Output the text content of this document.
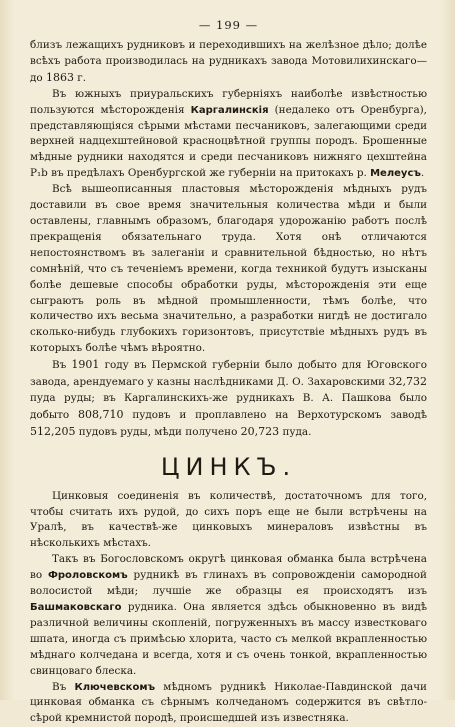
— 199 —

близъ лежащихъ рудниковъ и переходившихъ на желѣзное дѣло; долѣе всѣхъ работа производилась на рудникахъ завода Мотовилихинскаго—до 1863 г.

Въ южныхъ приуральскихъ губерніяхъ наиболѣе извѣстностью пользуются мѣсторожденія Каргалинскія (недалеко отъ Оренбурга), представляющіяся сѣрыми мѣстами песчаниковъ, залегающими среди верхней надцехштейновой красноцвѣтной группы породъ. Брошенные мѣдные рудники находятся и среди песчаниковъ нижняго цехштейна P₁b въ предѣлахъ Оренбургской же губерніи на притокахъ р. Мелеусъ.

Всѣ вышеописанныя пластовыя мѣсторожденія мѣдныхъ рудъ доставили въ свое время значительныя количества мѣди и были оставлены, главнымъ образомъ, благодаря удорожанію работъ послѣ прекращенія обязательнаго труда. Хотя онѣ отличаются непостоянствомъ въ залеганіи и сравнительной бѣдностью, но нѣтъ сомнѣній, что съ теченіемъ времени, когда техникой будутъ изысканы болѣе дешевые способы обработки руды, мѣсторожденія эти еще сыграютъ роль въ мѣдной промышленности, тѣмъ болѣе, что количество ихъ весьма значительно, а разработки нигдѣ не достигало сколько-нибудь глубокихъ горизонтовъ, присутствіе мѣдныхъ рудъ въ которыхъ болѣе чѣмъ вѣроятно.

Въ 1901 году въ Пермской губерніи было добыто для Юговского завода, арендуемаго у казны наслѣдниками Д. О. Захаровскими 32,732 пуда руды; въ Каргалинскихъ-же рудникахъ В. А. Пашкова было добыто 808,710 пудовъ и проплавлено на Верхотурскомъ заводѣ 512,205 пудовъ руды, мѣди получено 20,723 пуда.

ЦИНКЪ.

Цинковыя соединенія въ количествѣ, достаточномъ для того, чтобы считать ихъ рудой, до сихъ поръ еще не были встрѣчены на Уралѣ, въ качествѣ-же цинковыхъ минераловъ извѣстны въ нѣсколькихъ мѣстахъ.

Такъ въ Богословскомъ округѣ цинковая обманка была встрѣчена во Фроловскомъ рудникѣ въ глинахъ въ сопровожденіи самородной волосистой мѣди; лучшіе же образцы ея происходятъ изъ Башмаковскаго рудника. Она является здѣсь обыкновенно въ видѣ различной величины скопленій, погруженныхъ въ массу известковаго шпата, иногда съ примѣсью хлорита, часто съ мелкой вкрапленностью мѣднаго колчедана и всегда, хотя и съ очень тонкой, вкрапленностью свинцоваго блеска.

Въ Ключевскомъ мѣдномъ рудникѣ Николае-Павдинской дачи цинковая обманка съ сѣрнымъ колчеданомъ содержится въ свѣтло-сѣрой кремнистой породѣ, происшедшей изъ известняка.
